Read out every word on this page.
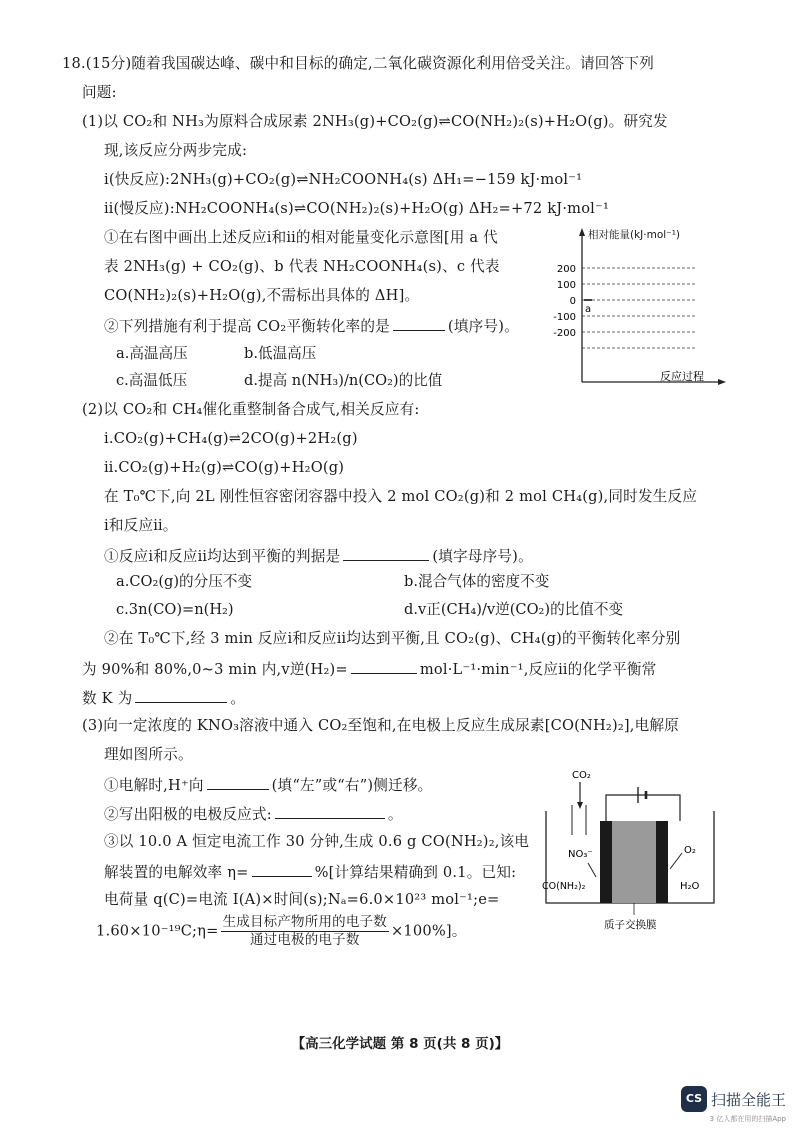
18.(15分)随着我国碳达峰、碳中和目标的确定,二氧化碳资源化利用倍受关注。请回答下列
问题:
(1)以 CO₂和 NH₃为原料合成尿素 2NH₃(g)+CO₂(g)⇌CO(NH₂)₂(s)+H₂O(g)。研究发
现,该反应分两步完成:
ⅰ(快反应):2NH₃(g)+CO₂(g)⇌NH₂COONH₄(s) ΔH₁=−159 kJ·mol⁻¹
ⅱ(慢反应):NH₂COONH₄(s)⇌CO(NH₂)₂(s)+H₂O(g) ΔH₂=+72 kJ·mol⁻¹
①在右图中画出上述反应ⅰ和ⅱ的相对能量变化示意图[用 a 代
表 2NH₃(g) + CO₂(g)、b 代表 NH₂COONH₄(s)、c 代表
CO(NH₂)₂(s)+H₂O(g),不需标出具体的 ΔH]。
②下列措施有利于提高 CO₂平衡转化率的是	(填序号)。
a.高温高压	b.低温高压
c.高温低压	d.提高 n(NH₃)/n(CO₂)的比值
相对能量(kJ·mol⁻¹)
200
100
0
-100
-200
a
反应过程
(2)以 CO₂和 CH₄催化重整制备合成气,相关反应有:
ⅰ.CO₂(g)+CH₄(g)⇌2CO(g)+2H₂(g)
ⅱ.CO₂(g)+H₂(g)⇌CO(g)+H₂O(g)
在 T₀℃下,向 2L 刚性恒容密闭容器中投入 2 mol CO₂(g)和 2 mol CH₄(g),同时发生反应
ⅰ和反应ⅱ。
①反应ⅰ和反应ⅱ均达到平衡的判据是	(填字母序号)。
a.CO₂(g)的分压不变	b.混合气体的密度不变
c.3n(CO)=n(H₂)	d.v正(CH₄)/v逆(CO₂)的比值不变
②在 T₀℃下,经 3 min 反应ⅰ和反应ⅱ均达到平衡,且 CO₂(g)、CH₄(g)的平衡转化率分别
为 90%和 80%,0~3 min 内,v逆(H₂)=	mol·L⁻¹·min⁻¹,反应ⅱ的化学平衡常
数 K 为	。
(3)向一定浓度的 KNO₃溶液中通入 CO₂至饱和,在电极上反应生成尿素[CO(NH₂)₂],电解原
理如图所示。
①电解时,H⁺向	(填“左”或“右”)侧迁移。
②写出阳极的电极反应式:	。
③以 10.0 A 恒定电流工作 30 分钟,生成 0.6 g CO(NH₂)₂,该电
解装置的电解效率 η=	%[计算结果精确到 0.1。已知:
电荷量 q(C)=电流 I(A)×时间(s);Nₐ=6.0×10²³ mol⁻¹;e=
1.60×10⁻¹⁹C;η= $\frac{\text{生成目标产物所用的电子数}}{\text{通过电极的电子数}} \times 100\%$]。
CO₂
NO₃⁻
CO(NH₂)₂
O₂
H₂O
质子交换膜
【高三化学试题 第 8 页(共 8 页)】
CS 扫描全能王
3 亿人都在用的扫描App
